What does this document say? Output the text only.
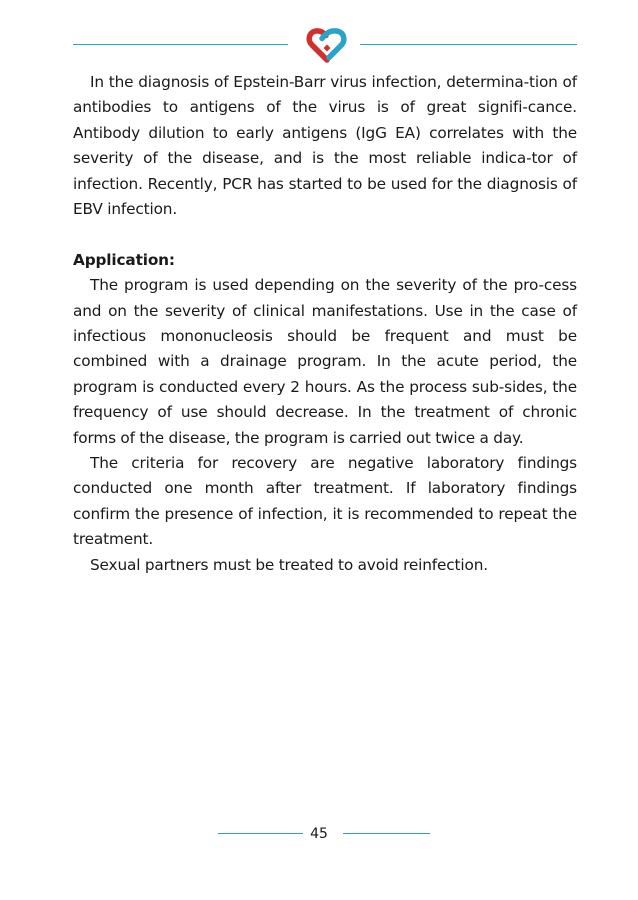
In the diagnosis of Epstein-Barr virus infection, determina-tion of antibodies to antigens of the virus is of great signifi-cance. Antibody dilution to early antigens (IgG EA) correlates with the severity of the disease, and is the most reliable indica-tor of infection. Recently, PCR has started to be used for the diagnosis of EBV infection.

Application:

The program is used depending on the severity of the pro-cess and on the severity of clinical manifestations. Use in the case of infectious mononucleosis should be frequent and must be combined with a drainage program. In the acute period, the program is conducted every 2 hours. As the process sub-sides, the frequency of use should decrease. In the treatment of chronic forms of the disease, the program is carried out twice a day.

The criteria for recovery are negative laboratory findings conducted one month after treatment. If laboratory findings confirm the presence of infection, it is recommended to repeat the treatment.

Sexual partners must be treated to avoid reinfection.

45
